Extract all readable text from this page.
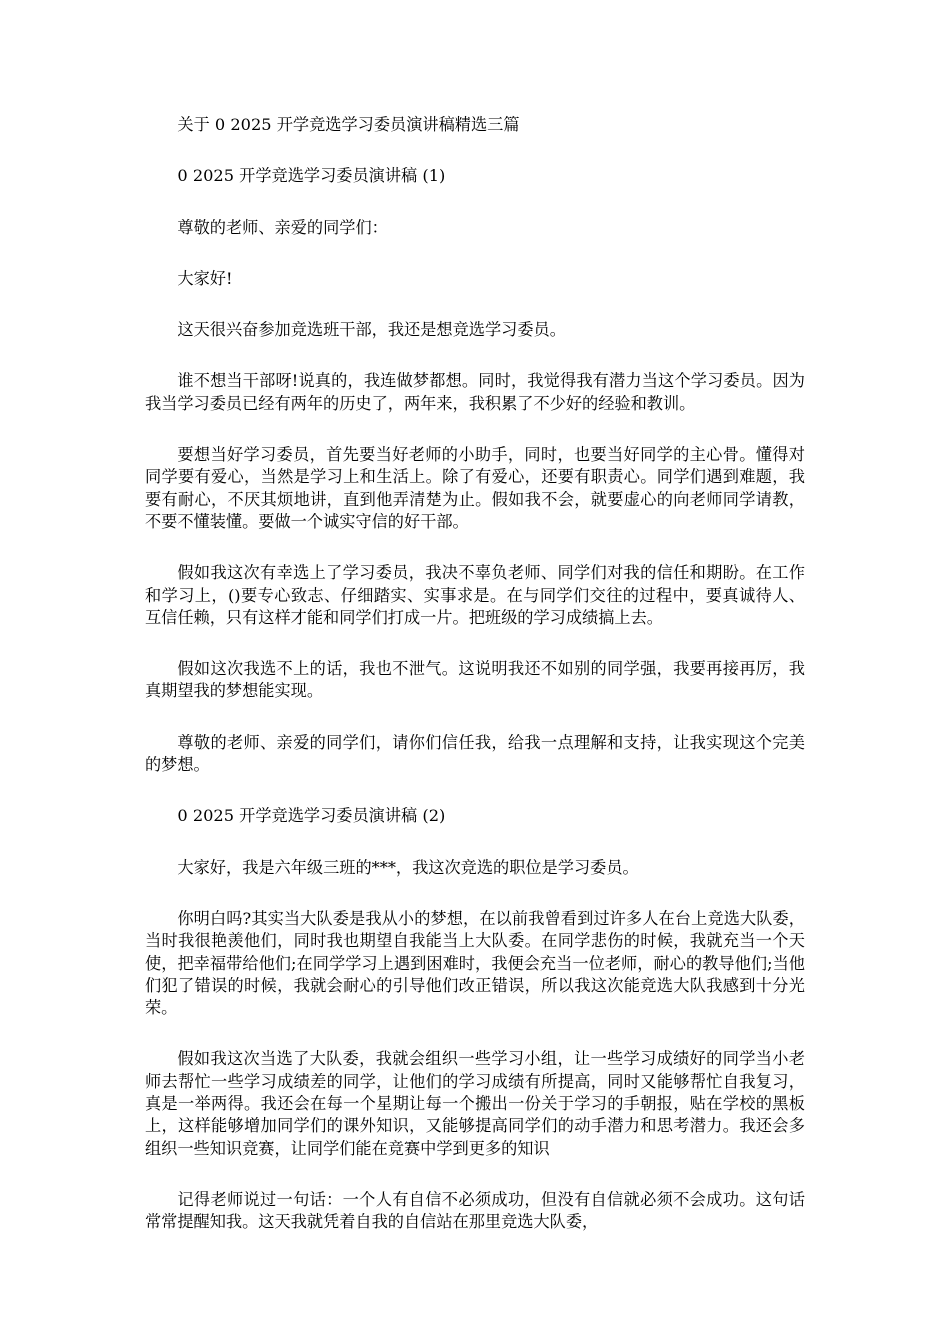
关于 0 2025 开学竞选学习委员演讲稿精选三篇

0 2025 开学竞选学习委员演讲稿 (1)

尊敬的老师、亲爱的同学们：

大家好!

这天很兴奋参加竞选班干部，我还是想竞选学习委员。

谁不想当干部呀!说真的，我连做梦都想。同时，我觉得我有潜力当这个学习委员。因为我当学习委员已经有两年的历史了，两年来，我积累了不少好的经验和教训。

要想当好学习委员，首先要当好老师的小助手，同时，也要当好同学的主心骨。懂得对同学要有爱心，当然是学习上和生活上。除了有爱心，还要有职责心。同学们遇到难题，我要有耐心，不厌其烦地讲，直到他弄清楚为止。假如我不会，就要虚心的向老师同学请教，不要不懂装懂。要做一个诚实守信的好干部。

假如我这次有幸选上了学习委员，我决不辜负老师、同学们对我的信任和期盼。在工作和学习上，()要专心致志、仔细踏实、实事求是。在与同学们交往的过程中，要真诚待人、互信任赖，只有这样才能和同学们打成一片。把班级的学习成绩搞上去。

假如这次我选不上的话，我也不泄气。这说明我还不如别的同学强，我要再接再厉，我真期望我的梦想能实现。

尊敬的老师、亲爱的同学们，请你们信任我，给我一点理解和支持，让我实现这个完美的梦想。

0 2025 开学竞选学习委员演讲稿 (2)

大家好，我是六年级三班的***，我这次竞选的职位是学习委员。

你明白吗?其实当大队委是我从小的梦想，在以前我曾看到过许多人在台上竞选大队委，当时我很艳羡他们，同时我也期望自我能当上大队委。在同学悲伤的时候，我就充当一个天使，把幸福带给他们;在同学学习上遇到困难时，我便会充当一位老师，耐心的教导他们;当他们犯了错误的时候，我就会耐心的引导他们改正错误，所以我这次能竞选大队我感到十分光荣。

假如我这次当选了大队委，我就会组织一些学习小组，让一些学习成绩好的同学当小老师去帮忙一些学习成绩差的同学，让他们的学习成绩有所提高，同时又能够帮忙自我复习，真是一举两得。我还会在每一个星期让每一个搬出一份关于学习的手朝报，贴在学校的黑板上，这样能够增加同学们的课外知识，又能够提高同学们的动手潜力和思考潜力。我还会多组织一些知识竞赛，让同学们能在竞赛中学到更多的知识

记得老师说过一句话：一个人有自信不必须成功，但没有自信就必须不会成功。这句话常常提醒知我。这天我就凭着自我的自信站在那里竞选大队委，
